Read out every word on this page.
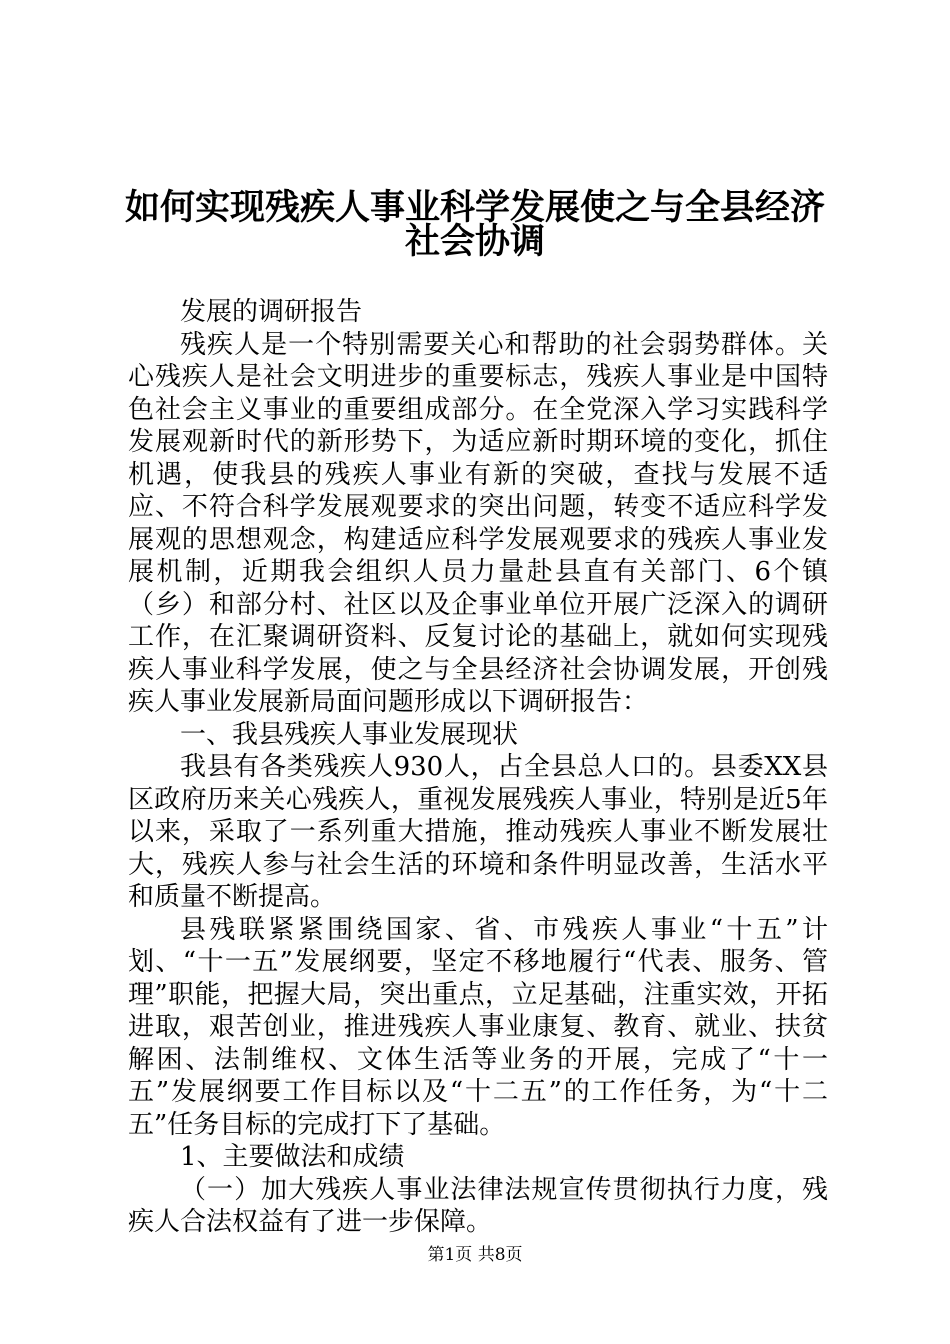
如何实现残疾人事业科学发展使之与全县经济
社会协调

发展的调研报告

残疾人是一个特别需要关心和帮助的社会弱势群体。关心残疾人是社会文明进步的重要标志，残疾人事业是中国特色社会主义事业的重要组成部分。在全党深入学习实践科学发展观新时代的新形势下，为适应新时期环境的变化，抓住机遇，使我县的残疾人事业有新的突破，查找与发展不适应、不符合科学发展观要求的突出问题，转变不适应科学发展观的思想观念，构建适应科学发展观要求的残疾人事业发展机制，近期我会组织人员力量赴县直有关部门、6个镇（乡）和部分村、社区以及企事业单位开展广泛深入的调研工作，在汇聚调研资料、反复讨论的基础上，就如何实现残疾人事业科学发展，使之与全县经济社会协调发展，开创残疾人事业发展新局面问题形成以下调研报告：

一、我县残疾人事业发展现状

我县有各类残疾人930人，占全县总人口的。县委XX县区政府历来关心残疾人，重视发展残疾人事业，特别是近5年以来，采取了一系列重大措施，推动残疾人事业不断发展壮大，残疾人参与社会生活的环境和条件明显改善，生活水平和质量不断提高。

县残联紧紧围绕国家、省、市残疾人事业“十五”计划、“十一五”发展纲要，坚定不移地履行“代表、服务、管理”职能，把握大局，突出重点，立足基础，注重实效，开拓进取，艰苦创业，推进残疾人事业康复、教育、就业、扶贫解困、法制维权、文体生活等业务的开展，完成了“十一五”发展纲要工作目标以及“十二五”的工作任务，为“十二五”任务目标的完成打下了基础。

1、主要做法和成绩

（一）加大残疾人事业法律法规宣传贯彻执行力度，残疾人合法权益有了进一步保障。

第1页 共8页
